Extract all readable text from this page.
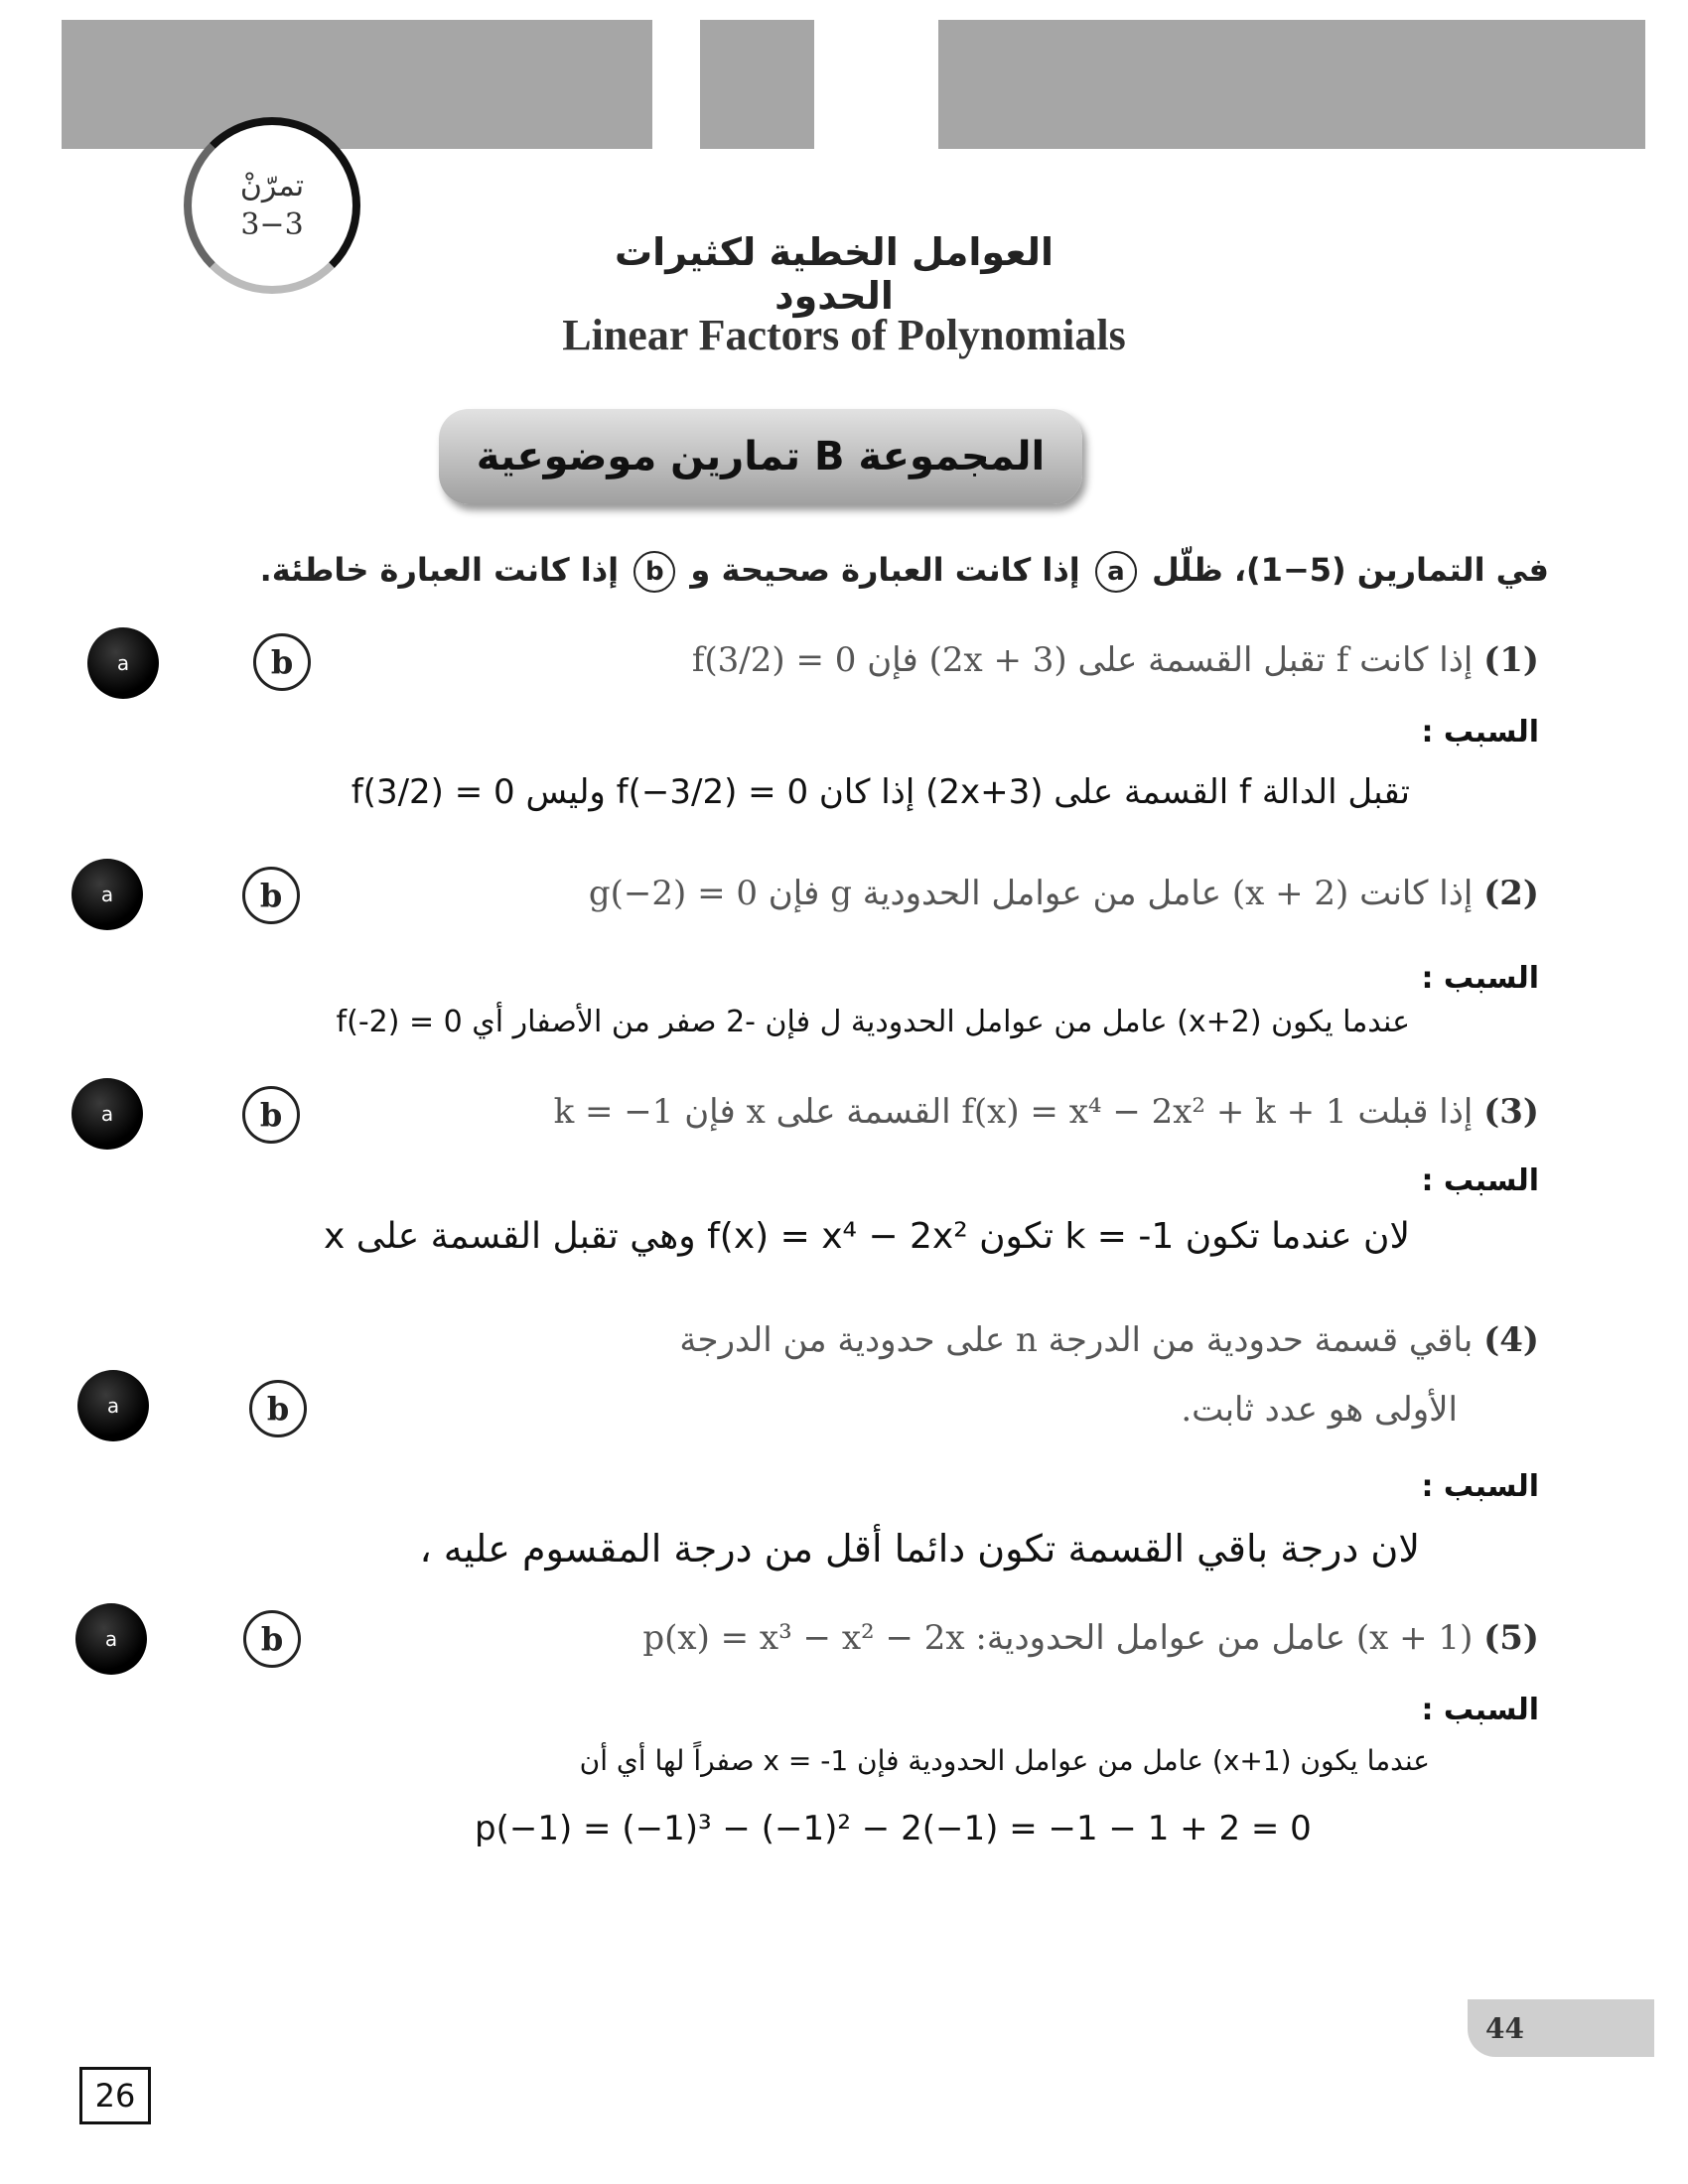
تمرّنْ
3−3
العوامل الخطية لكثيرات الحدود
Linear Factors of Polynomials
المجموعة B تمارين موضوعية
في التمارين (5−1)، ظلّل a إذا كانت العبارة صحيحة و b إذا كانت العبارة خاطئة.
a	b	(1) إذا كانت f تقبل القسمة على (2x + 3) فإن f(3/2) = 0
السبب :
تقبل الدالة f القسمة على (2x+3) إذا كان f(−3/2) = 0 وليس f(3/2) = 0
a	b	(2) إذا كانت (x + 2) عامل من عوامل الحدودية g فإن g(−2) = 0
السبب :
عندما يكون (x+2) عامل من عوامل الحدودية ل فإن -2 صفر من الأصفار أي f(-2) = 0
a	b	(3) إذا قبلت f(x) = x⁴ − 2x² + k + 1 القسمة على x فإن k = −1
السبب :
لان عندما تكون k = -1 تكون f(x) = x⁴ − 2x² وهي تقبل القسمة على x
(4) باقي قسمة حدودية من الدرجة n على حدودية من الدرجة
الأولى هو عدد ثابت.
a	b
السبب :
لان درجة باقي القسمة تكون دائما أقل من درجة المقسوم عليه ،
a	b	(5) (x + 1) عامل من عوامل الحدودية: p(x) = x³ − x² − 2x
السبب :
عندما يكون (x+1) عامل من عوامل الحدودية فإن x = -1 صفراً لها أي أن
p(−1) = (−1)³ − (−1)² − 2(−1) = −1 − 1 + 2 = 0
44
26
